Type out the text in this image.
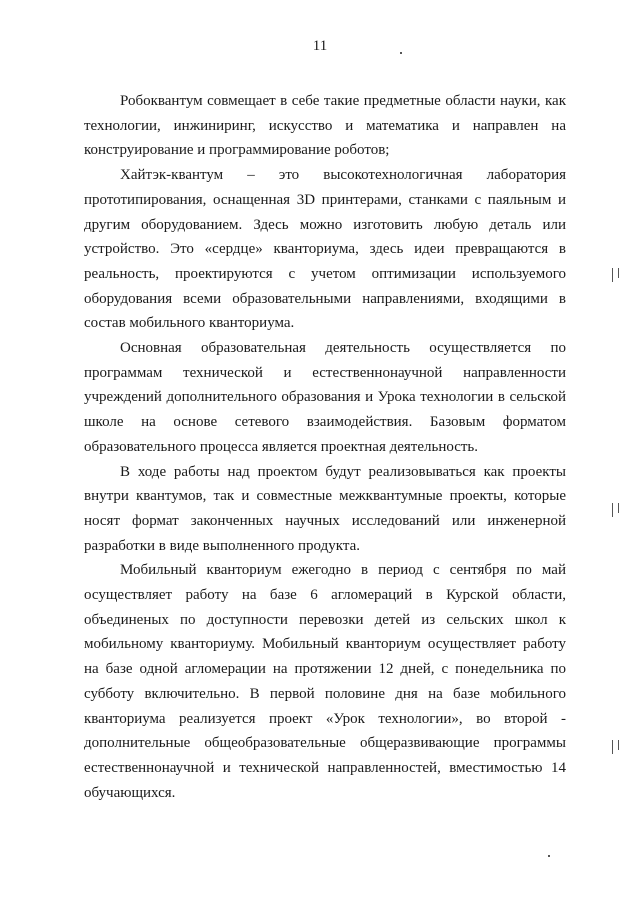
11

Робоквантум совмещает в себе такие предметные области науки, как технологии, инжиниринг, искусство и математика и направлен на конструирование и программирование роботов;

Хайтэк-квантум – это высокотехнологичная лаборатория прототипирования, оснащенная 3D принтерами, станками с паяльным и другим оборудованием. Здесь можно изготовить любую деталь или устройство. Это «сердце» кванториума, здесь идеи превращаются в реальность, проектируются с учетом оптимизации используемого оборудования всеми образовательными направлениями, входящими в состав мобильного кванториума.

Основная образовательная деятельность осуществляется по программам технической и естественнонаучной направленности учреждений дополнительного образования и Урока технологии в сельской школе на основе сетевого взаимодействия. Базовым форматом образовательного процесса является проектная деятельность.

В ходе работы над проектом будут реализовываться как проекты внутри квантумов, так и совместные межквантумные проекты, которые носят формат законченных научных исследований или инженерной разработки в виде выполненного продукта.

Мобильный кванториум ежегодно в период с сентября по май осуществляет работу на базе 6 агломераций в Курской области, объединеных по доступности перевозки детей из сельских школ к мобильному кванториуму. Мобильный кванториум осуществляет работу на базе одной агломерации на протяжении 12 дней, с понедельника по субботу включительно. В первой половине дня на базе мобильного кванториума реализуется проект «Урок технологии», во второй - дополнительные общеобразовательные общеразвивающие программы естественнонаучной и технической направленностей, вместимостью 14 обучающихся.
